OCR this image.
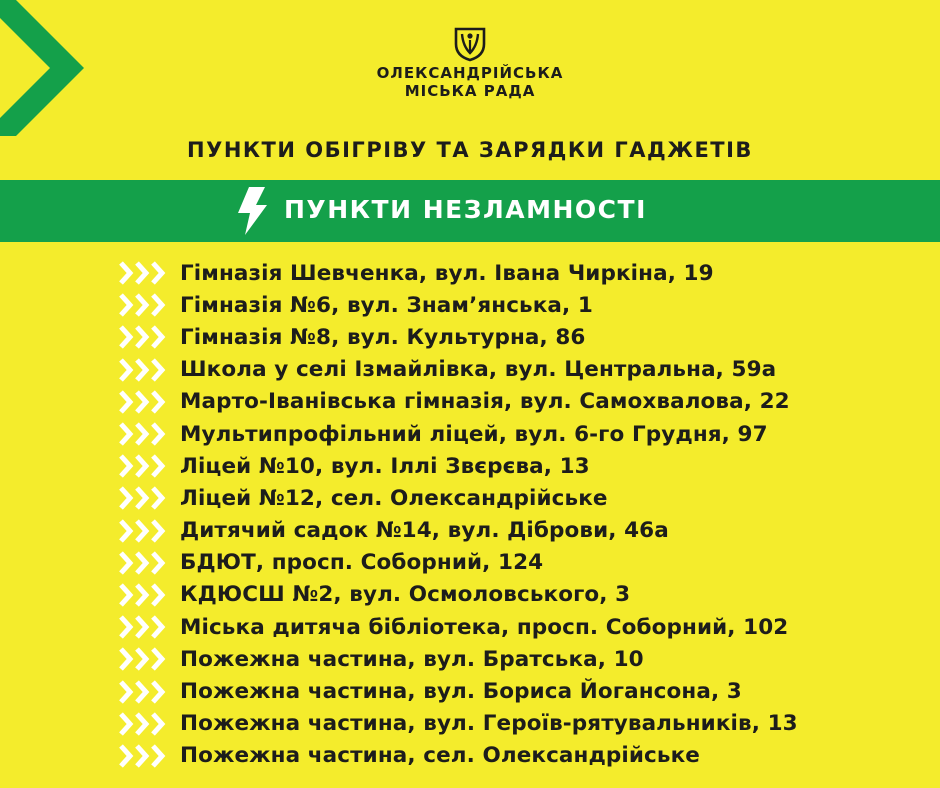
ОЛЕКСАНДРІЙСЬКА
МІСЬКА РАДА
ПУНКТИ ОБІГРІВУ ТА ЗАРЯДКИ ГАДЖЕТІВ
ПУНКТИ НЕЗЛАМНОСТІ
Гімназія Шевченка, вул. Івана Чиркіна, 19
Гімназія №6, вул. Знам’янська, 1
Гімназія №8, вул. Культурна, 86
Школа у селі Ізмайлівка, вул. Центральна, 59а
Марто-Іванівська гімназія, вул. Самохвалова, 22
Мультипрофільний ліцей, вул. 6-го Грудня, 97
Ліцей №10, вул. Іллі Звєрєва, 13
Ліцей №12, сел. Олександрійське
Дитячий садок №14, вул. Діброви, 46а
БДЮТ, просп. Соборний, 124
КДЮСШ №2, вул. Осмоловського, 3
Міська дитяча бібліотека, просп. Соборний, 102
Пожежна частина, вул. Братська, 10
Пожежна частина, вул. Бориса Йогансона, 3
Пожежна частина, вул. Героїв-рятувальників, 13
Пожежна частина, сел. Олександрійське
